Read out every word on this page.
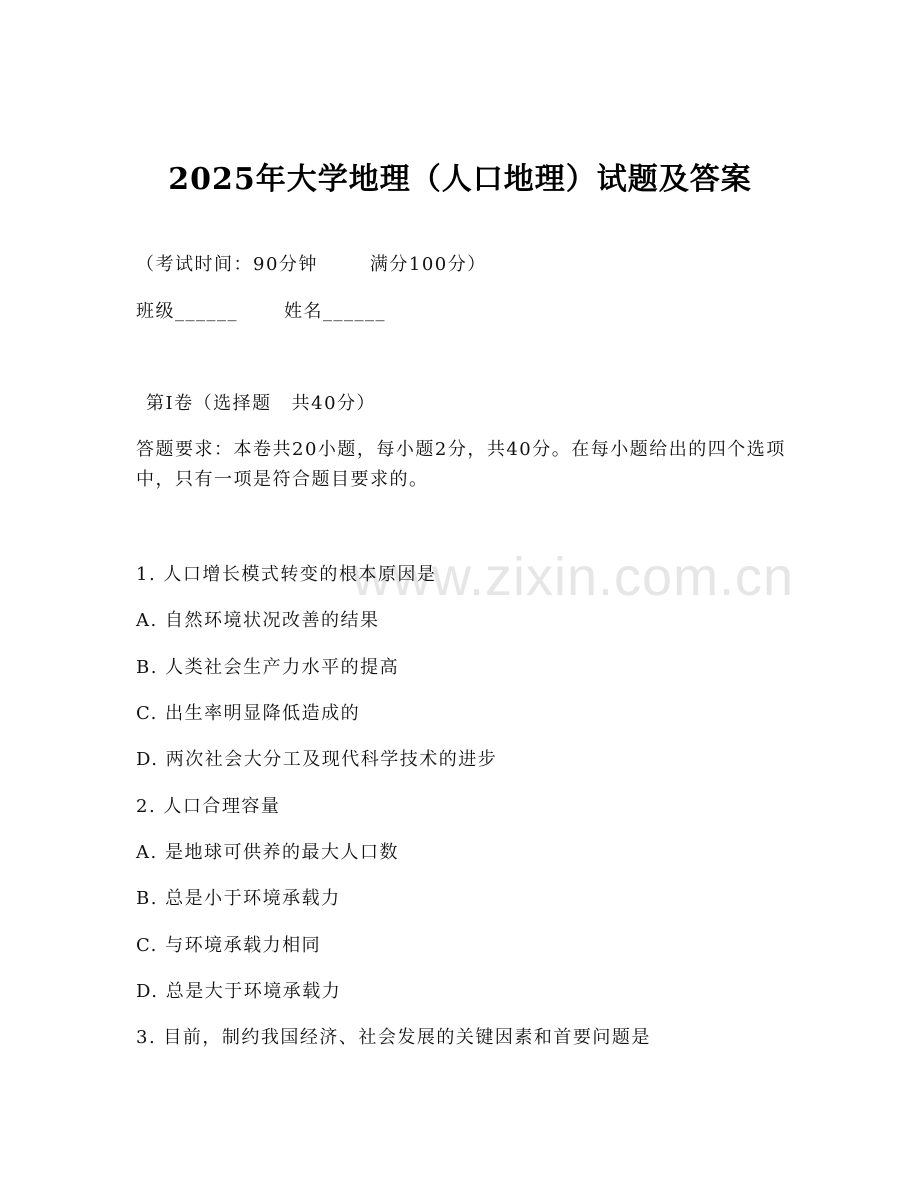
www.zixin.com.cn
2025年大学地理（人口地理）试题及答案
（考试时间：90分钟	满分100分）
班级______	姓名______
第Ⅰ卷（选择题 共40分）
答题要求：本卷共20小题，每小题2分，共40分。在每小题给出的四个选项中，只有一项是符合题目要求的。
1. 人口增长模式转变的根本原因是
A. 自然环境状况改善的结果
B. 人类社会生产力水平的提高
C. 出生率明显降低造成的
D. 两次社会大分工及现代科学技术的进步
2. 人口合理容量
A. 是地球可供养的最大人口数
B. 总是小于环境承载力
C. 与环境承载力相同
D. 总是大于环境承载力
3. 目前，制约我国经济、社会发展的关键因素和首要问题是
